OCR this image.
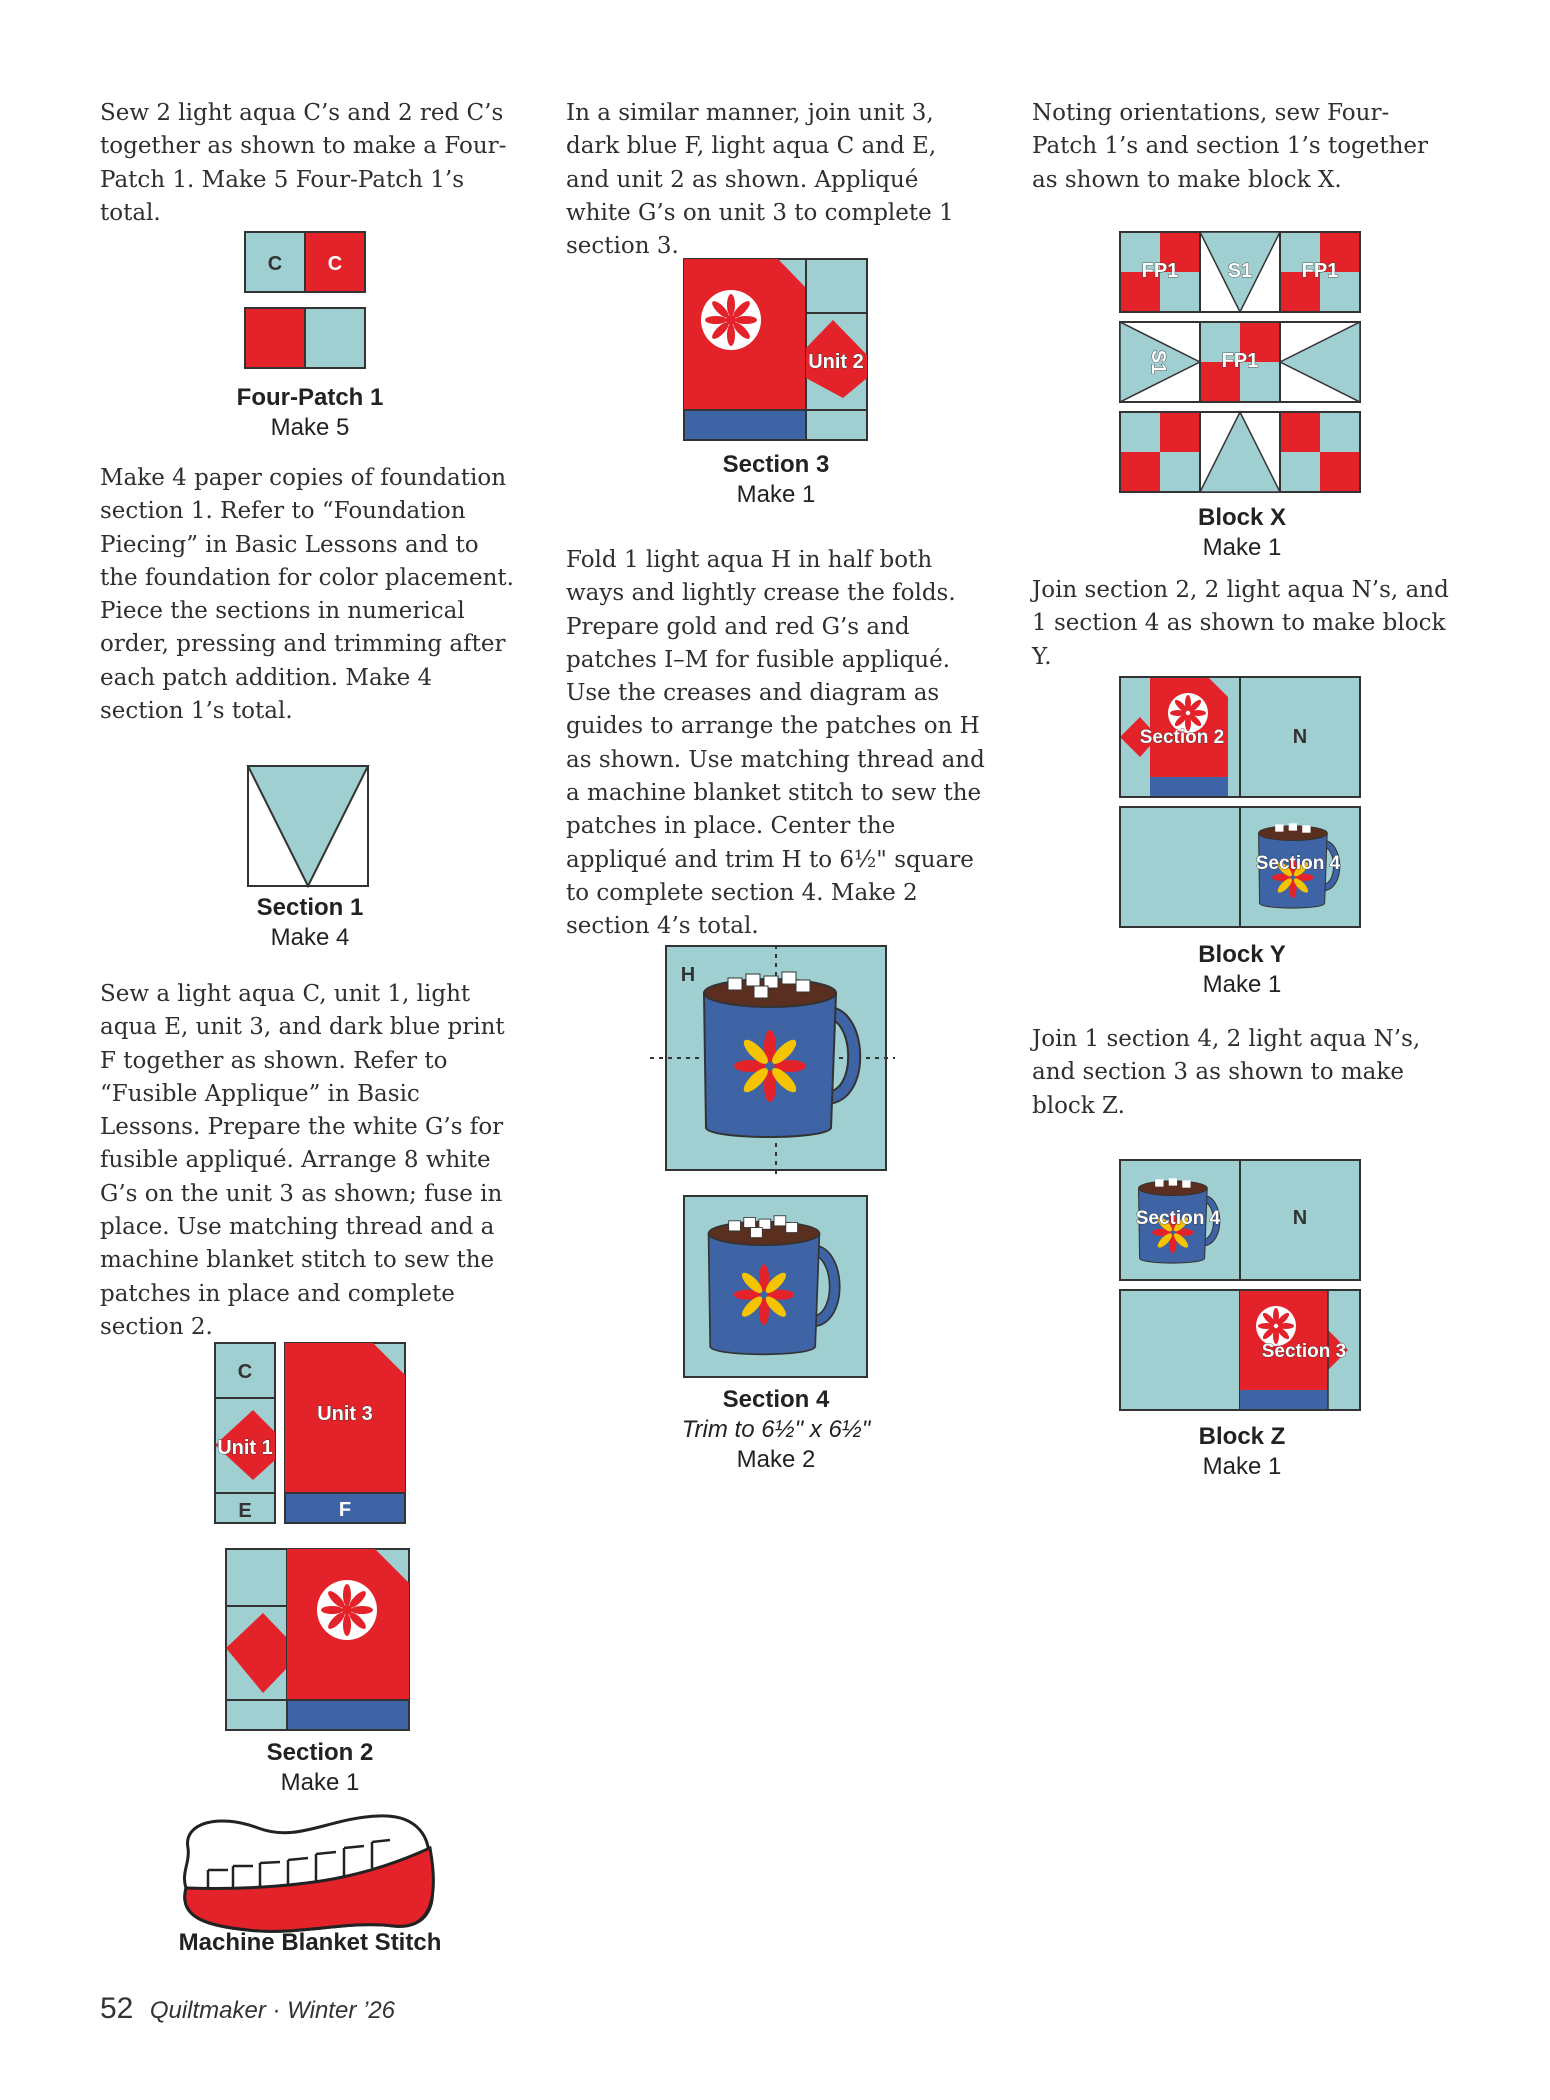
Sew 2 light aqua C’s and 2 red C’s together as shown to make a Four-Patch 1. Make 5 Four-Patch 1’s total.

C C
Four-Patch 1
Make 5

Make 4 paper copies of foundation section 1. Refer to “Foundation Piecing” in Basic Lessons and to the foundation for color placement. Piece the sections in numerical order, pressing and trimming after each patch addition. Make 4 section 1’s total.

Section 1
Make 4

Sew a light aqua C, unit 1, light aqua E, unit 3, and dark blue print F together as shown. Refer to “Fusible Applique” in Basic Lessons. Prepare the white G’s for fusible appliqué. Arrange 8 white G’s on the unit 3 as shown; fuse in place. Use matching thread and a machine blanket stitch to sew the patches in place and complete section 2.

C
Unit 1
E
Unit 3
F
Section 2
Make 1
Machine Blanket Stitch

In a similar manner, join unit 3, dark blue F, light aqua C and E, and unit 2 as shown. Appliqué white G’s on unit 3 to complete 1 section 3.

Unit 2
Section 3
Make 1

Fold 1 light aqua H in half both ways and lightly crease the folds. Prepare gold and red G’s and patches I–M for fusible appliqué. Use the creases and diagram as guides to arrange the patches on H as shown. Use matching thread and a machine blanket stitch to sew the patches in place. Center the appliqué and trim H to 6½" square to complete section 4. Make 2 section 4’s total.

H
Section 4
Trim to 6½" x 6½"
Make 2

Noting orientations, sew Four-Patch 1’s and section 1’s together as shown to make block X.

FP1 S1 FP1
FP1
S1
Block X
Make 1

Join section 2, 2 light aqua N’s, and 1 section 4 as shown to make block Y.

Section 2	N
Section 4
Block Y
Make 1

Join 1 section 4, 2 light aqua N’s, and section 3 as shown to make block Z.

Section 4	N
Section 3
Block Z
Make 1
52 Quiltmaker · Winter ’26
